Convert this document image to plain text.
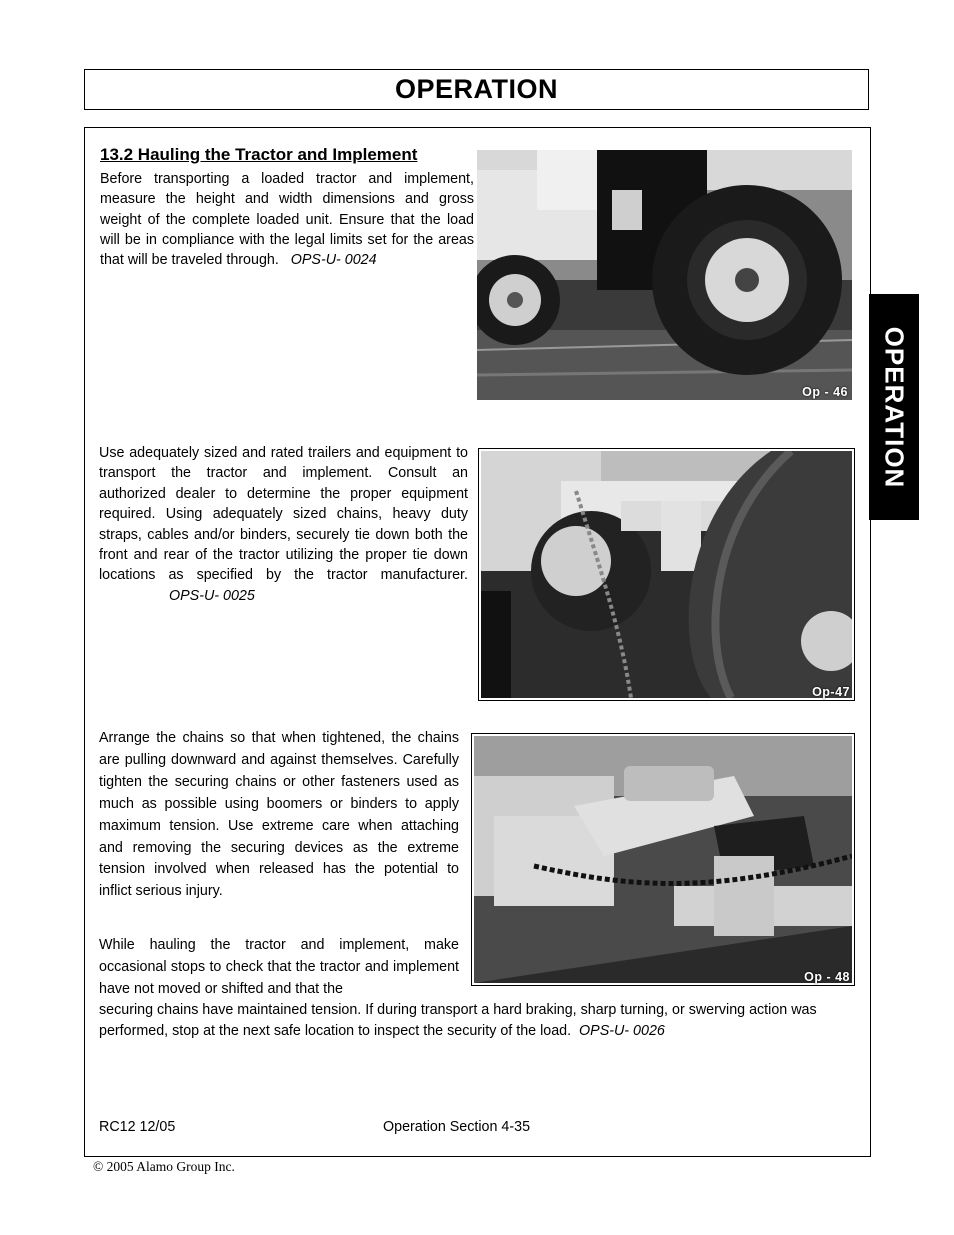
OPERATION
OPERATION
13.2 Hauling the Tractor and Implement

Before transporting a loaded tractor and implement, measure the height and width dimensions and gross weight of the complete loaded unit. Ensure that the load will be in compliance with the legal limits set for the areas that will be traveled through. OPS-U- 0024

Use adequately sized and rated trailers and equipment to transport the tractor and implement. Consult an authorized dealer to determine the proper equipment required. Using adequately sized chains, heavy duty straps, cables and/or binders, securely tie down both the front and rear of the tractor utilizing the proper tie down locations as specified by the tractor manufacturer.OPS-U- 0025

Arrange the chains so that when tightened, the chains are pulling downward and against themselves. Carefully tighten the securing chains or other fasteners used as much as possible using boomers or binders to apply maximum tension. Use extreme care when attaching and removing the securing devices as the extreme tension involved when released has the potential to inflict serious injury.

While hauling the tractor and implement, make occasional stops to check that the tractor and implement have not moved or shifted and that the

securing chains have maintained tension. If during transport a hard braking, sharp turning, or swerving action was performed, stop at the next safe location to inspect the security of the load. OPS-U- 0026

Op - 46
Op-47
Op - 48
RC12 12/05	Operation Section 4-35
© 2005 Alamo Group Inc.
